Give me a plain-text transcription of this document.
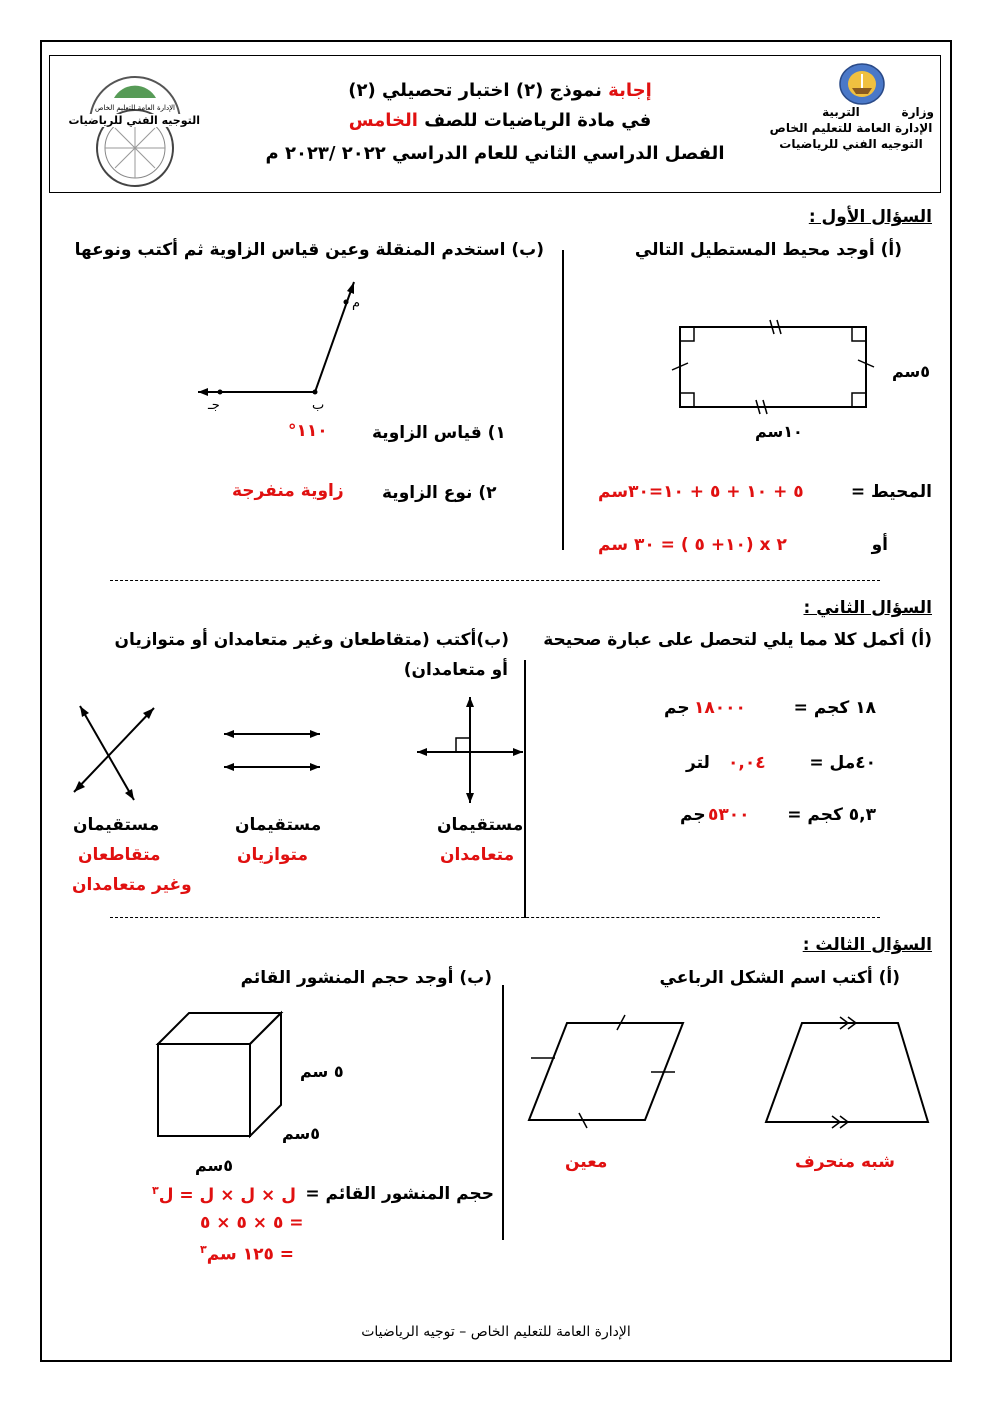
إجابة نموذج (٢) اختبار تحصيلي (٢)
في مادة الرياضيات للصف الخامس
الفصل الدراسي الثاني للعام الدراسي ٢٠٢٢ /٢٠٢٣ م
وزارة          التربية
الإدارة العامة للتعليم الخاص
التوجيه الفني للرياضيات
الإدارة العامة للتعليم الخاص
التوجيه الفني للرياضيات
السؤال الأول :
(أ) أوجد محيط المستطيل التالي
٥سم
١٠سم
المحيط =
٥ + ١٠ + ٥ + ١٠=٣٠سم
أو
٢ x (١٠+ ٥ ) = ٣٠ سم
(ب) استخدم المنقلة وعين قياس الزاوية ثم أكتب ونوعها
م
ب
جـ
١) قياس الزاوية
١١٠°
٢) نوع الزاوية
زاوية منفرجة
السؤال الثاني :
(أ) أكمل كلا مما يلي لتحصل على عبارة صحيحة
١٨ كجم =
١٨٠٠٠
جم
٤٠مل =
٠,٠٤
لتر
٥,٣ كجم =
٥٣٠٠
جم
(ب)أكتب (متقاطعان وغير متعامدان أو متوازيان
أو متعامدان)
مستقيمان
متعامدان
مستقيمان
متوازيان
مستقيمان
متقاطعان
وغير متعامدان
السؤال الثالث :
(أ) أكتب اسم الشكل الرباعي
شبه منحرف
معين
(ب) أوجد حجم المنشور القائم
٥ سم
٥سم
٥سم
حجم المنشور القائم =
ل × ل × ل = ل$^٣$
= ٥ × ٥ × ٥
= ١٢٥ سم$^٣$
الإدارة العامة للتعليم الخاص – توجيه الرياضيات
